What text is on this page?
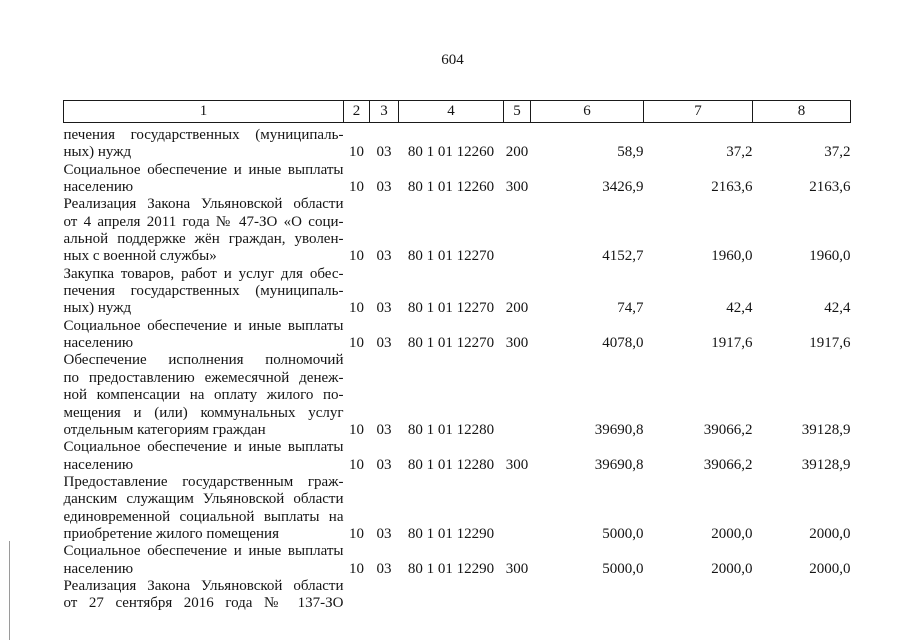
604
1	2	3	4	5	6	7	8

печения государственных (муниципаль-
ных) нужд	10	03	80 1 01 12260	200	58,9	37,2	37,2

Социальное обеспечение и иные выплаты
населению	10	03	80 1 01 12260	300	3426,9	2163,6	2163,6

Реализация Закона Ульяновской области
от 4 апреля 2011 года № 47-ЗО «О соци-
альной поддержке жён граждан, уволен-
ных с военной службы»	10	03	80 1 01 12270		4152,7	1960,0	1960,0

Закупка товаров, работ и услуг для обес-
печения государственных (муниципаль-
ных) нужд	10	03	80 1 01 12270	200	74,7	42,4	42,4

Социальное обеспечение и иные выплаты
населению	10	03	80 1 01 12270	300	4078,0	1917,6	1917,6

Обеспечение исполнения полномочий
по предоставлению ежемесячной денеж-
ной компенсации на оплату жилого по-
мещения и (или) коммунальных услуг
отдельным категориям граждан	10	03	80 1 01 12280		39690,8	39066,2	39128,9

Социальное обеспечение и иные выплаты
населению	10	03	80 1 01 12280	300	39690,8	39066,2	39128,9

Предоставление государственным граж-
данским служащим Ульяновской области
единовременной социальной выплаты на
приобретение жилого помещения	10	03	80 1 01 12290		5000,0	2000,0	2000,0

Социальное обеспечение и иные выплаты
населению	10	03	80 1 01 12290	300	5000,0	2000,0	2000,0

Реализация Закона Ульяновской области
от 27 сентября 2016 года № 137-ЗО							
